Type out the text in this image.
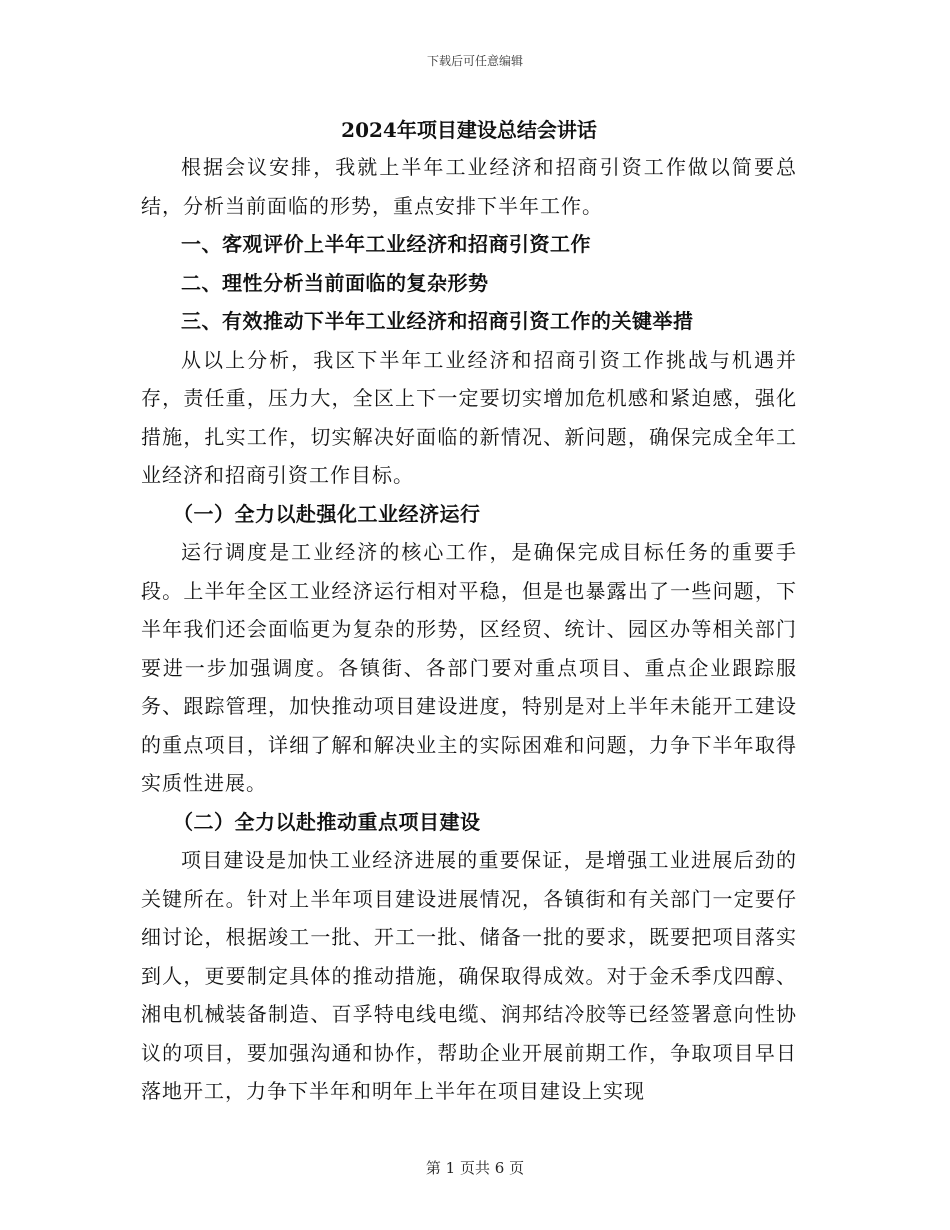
下载后可任意编辑
2024年项目建设总结会讲话

根据会议安排，我就上半年工业经济和招商引资工作做以简要总结，分析当前面临的形势，重点安排下半年工作。

一、客观评价上半年工业经济和招商引资工作

二、理性分析当前面临的复杂形势

三、有效推动下半年工业经济和招商引资工作的关键举措

从以上分析，我区下半年工业经济和招商引资工作挑战与机遇并存，责任重，压力大，全区上下一定要切实增加危机感和紧迫感，强化措施，扎实工作，切实解决好面临的新情况、新问题，确保完成全年工业经济和招商引资工作目标。

（一）全力以赴强化工业经济运行

运行调度是工业经济的核心工作，是确保完成目标任务的重要手段。上半年全区工业经济运行相对平稳，但是也暴露出了一些问题，下半年我们还会面临更为复杂的形势，区经贸、统计、园区办等相关部门要进一步加强调度。各镇街、各部门要对重点项目、重点企业跟踪服务、跟踪管理，加快推动项目建设进度，特别是对上半年未能开工建设的重点项目，详细了解和解决业主的实际困难和问题，力争下半年取得实质性进展。

（二）全力以赴推动重点项目建设

项目建设是加快工业经济进展的重要保证，是增强工业进展后劲的关键所在。针对上半年项目建设进展情况，各镇街和有关部门一定要仔细讨论，根据竣工一批、开工一批、储备一批的要求，既要把项目落实到人，更要制定具体的推动措施，确保取得成效。对于金禾季戊四醇、湘电机械装备制造、百孚特电线电缆、润邦结冷胶等已经签署意向性协议的项目，要加强沟通和协作，帮助企业开展前期工作，争取项目早日落地开工，力争下半年和明年上半年在项目建设上实现

第 1 页共 6 页
